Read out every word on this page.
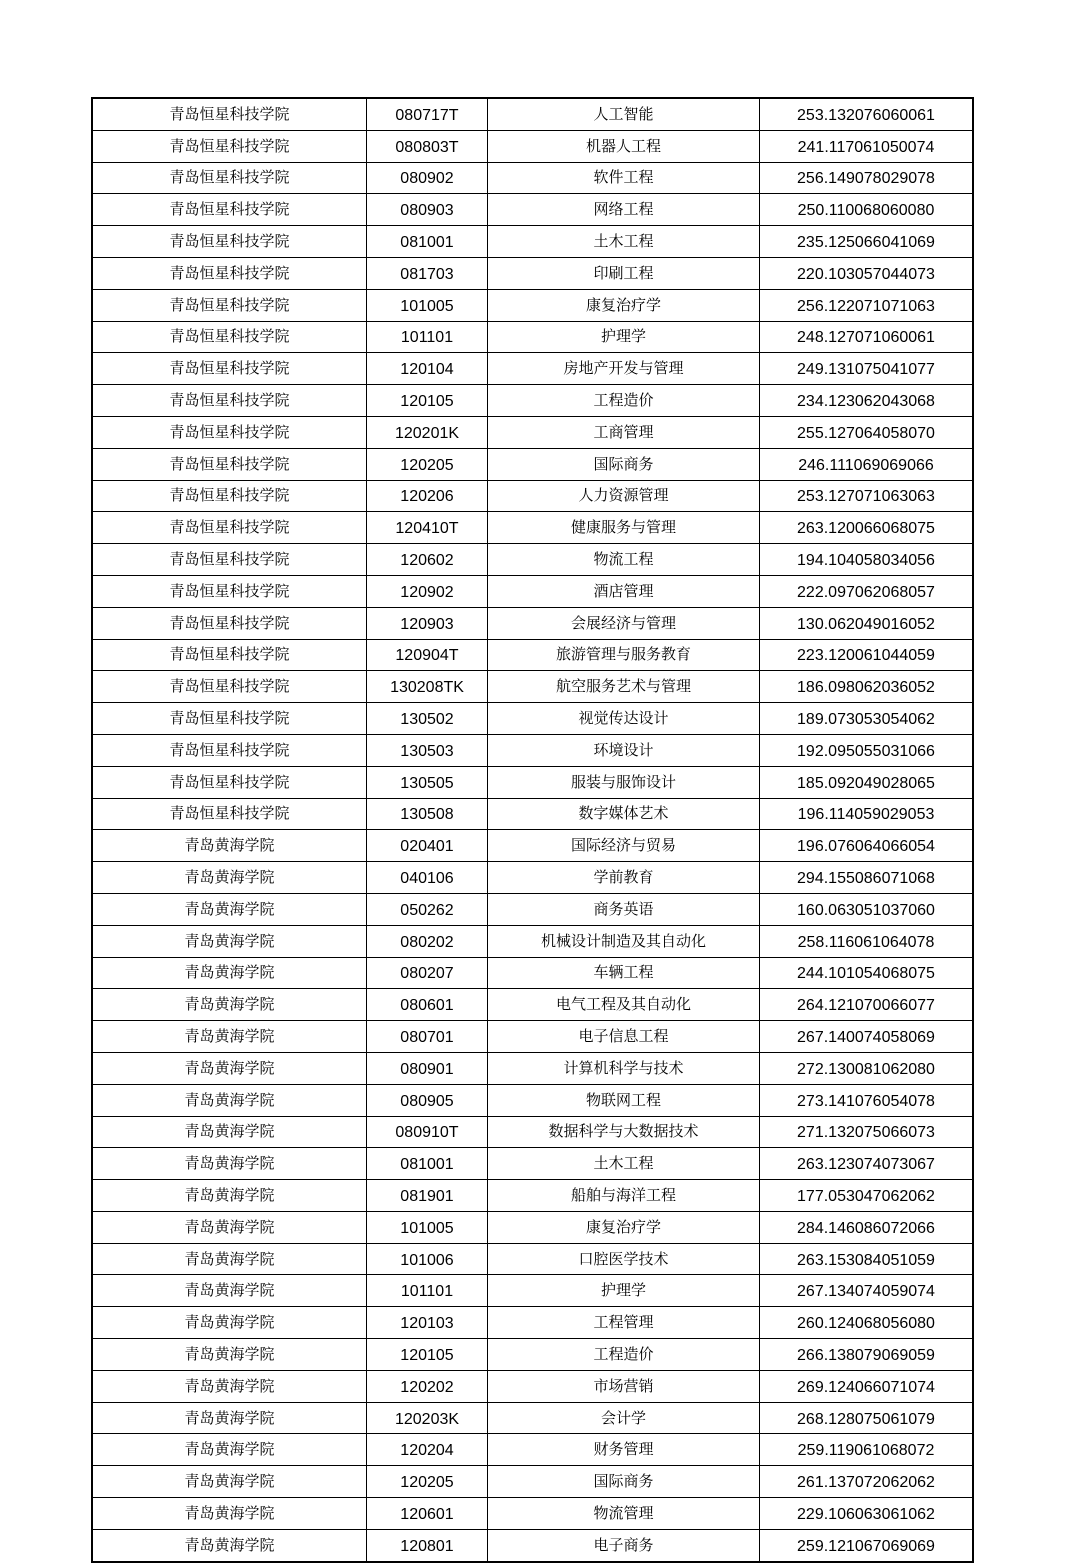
青岛恒星科技学院	080717T	人工智能	253.132076060061
青岛恒星科技学院	080803T	机器人工程	241.117061050074
青岛恒星科技学院	080902	软件工程	256.149078029078
青岛恒星科技学院	080903	网络工程	250.110068060080
青岛恒星科技学院	081001	土木工程	235.125066041069
青岛恒星科技学院	081703	印刷工程	220.103057044073
青岛恒星科技学院	101005	康复治疗学	256.122071071063
青岛恒星科技学院	101101	护理学	248.127071060061
青岛恒星科技学院	120104	房地产开发与管理	249.131075041077
青岛恒星科技学院	120105	工程造价	234.123062043068
青岛恒星科技学院	120201K	工商管理	255.127064058070
青岛恒星科技学院	120205	国际商务	246.111069069066
青岛恒星科技学院	120206	人力资源管理	253.127071063063
青岛恒星科技学院	120410T	健康服务与管理	263.120066068075
青岛恒星科技学院	120602	物流工程	194.104058034056
青岛恒星科技学院	120902	酒店管理	222.097062068057
青岛恒星科技学院	120903	会展经济与管理	130.062049016052
青岛恒星科技学院	120904T	旅游管理与服务教育	223.120061044059
青岛恒星科技学院	130208TK	航空服务艺术与管理	186.098062036052
青岛恒星科技学院	130502	视觉传达设计	189.073053054062
青岛恒星科技学院	130503	环境设计	192.095055031066
青岛恒星科技学院	130505	服装与服饰设计	185.092049028065
青岛恒星科技学院	130508	数字媒体艺术	196.114059029053
青岛黄海学院	020401	国际经济与贸易	196.076064066054
青岛黄海学院	040106	学前教育	294.155086071068
青岛黄海学院	050262	商务英语	160.063051037060
青岛黄海学院	080202	机械设计制造及其自动化	258.116061064078
青岛黄海学院	080207	车辆工程	244.101054068075
青岛黄海学院	080601	电气工程及其自动化	264.121070066077
青岛黄海学院	080701	电子信息工程	267.140074058069
青岛黄海学院	080901	计算机科学与技术	272.130081062080
青岛黄海学院	080905	物联网工程	273.141076054078
青岛黄海学院	080910T	数据科学与大数据技术	271.132075066073
青岛黄海学院	081001	土木工程	263.123074073067
青岛黄海学院	081901	船舶与海洋工程	177.053047062062
青岛黄海学院	101005	康复治疗学	284.146086072066
青岛黄海学院	101006	口腔医学技术	263.153084051059
青岛黄海学院	101101	护理学	267.134074059074
青岛黄海学院	120103	工程管理	260.124068056080
青岛黄海学院	120105	工程造价	266.138079069059
青岛黄海学院	120202	市场营销	269.124066071074
青岛黄海学院	120203K	会计学	268.128075061079
青岛黄海学院	120204	财务管理	259.119061068072
青岛黄海学院	120205	国际商务	261.137072062062
青岛黄海学院	120601	物流管理	229.106063061062
青岛黄海学院	120801	电子商务	259.121067069069
